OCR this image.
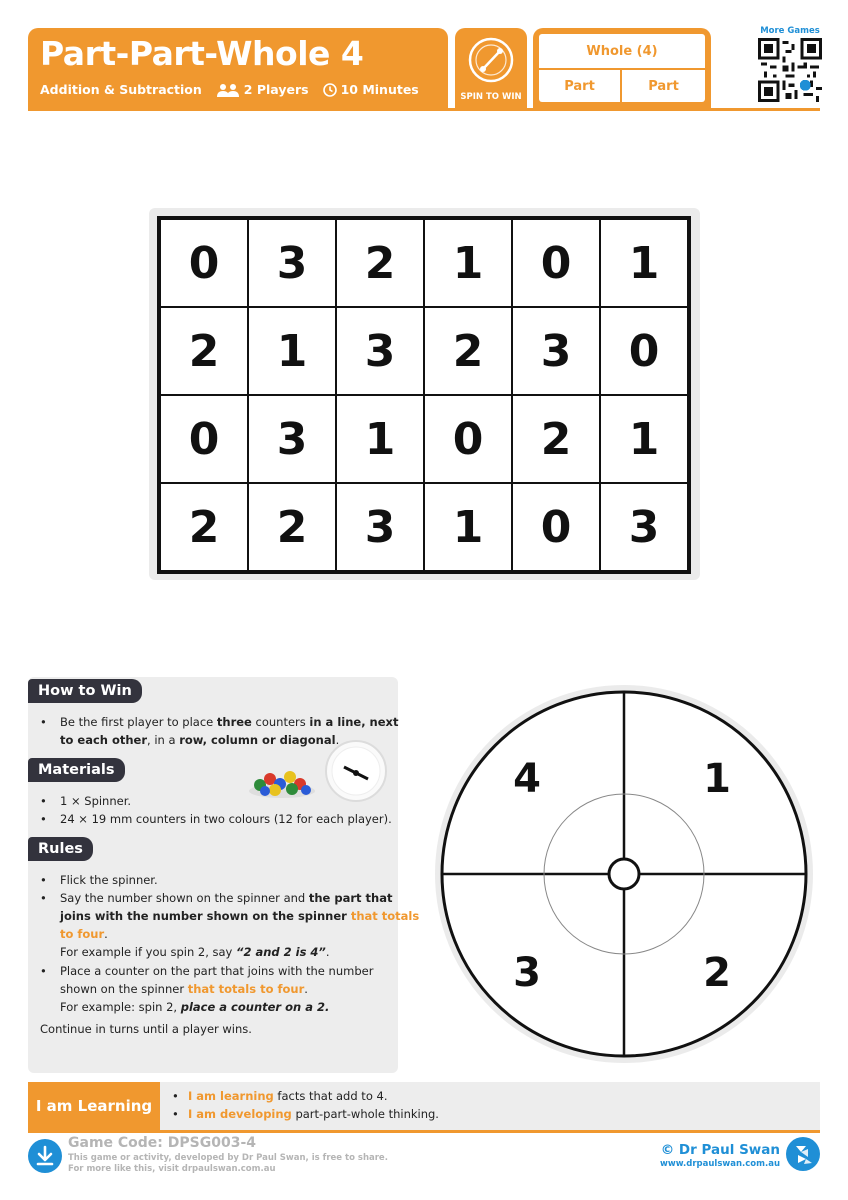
Part-Part-Whole 4
Addition & Subtraction	2 Players	10 Minutes	SPIN TO WIN
Whole (4)
Part	Part
More Games
0	3	2	1	0	1
2	1	3	2	3	0
0	3	1	0	2	1
2	2	3	1	0	3
How to Win
• Be the first player to place three counters in a line, next
to each other, in a row, column or diagonal.
Materials
• 1 × Spinner.
• 24 × 19 mm counters in two colours (12 for each player).
Rules
• Flick the spinner.
• Say the number shown on the spinner and the part that
joins with the number shown on the spinner that totals
to four.
For example if you spin 2, say “2 and 2 is 4”.
• Place a counter on the part that joins with the number
shown on the spinner that totals to four.
For example: spin 2, place a counter on a 2.
Continue in turns until a player wins.
4	1
3	2
I am Learning
• I am learning facts that add to 4.
• I am developing part-part-whole thinking.
Game Code: DPSG003-4
This game or activity, developed by Dr Paul Swan, is free to share.
For more like this, visit drpaulswan.com.au
© Dr Paul Swan
www.drpaulswan.com.au
